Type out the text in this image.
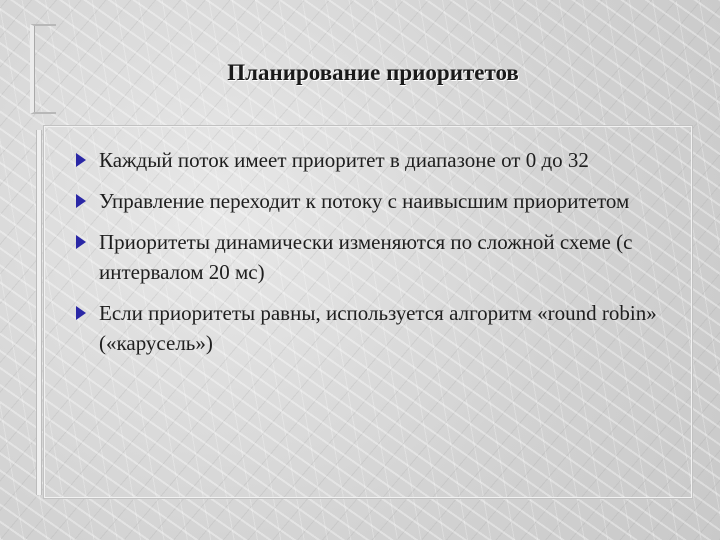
Планирование приоритетов
Каждый поток имеет приоритет в диапазоне от 0 до 32
Управление переходит к потоку с наивысшим приоритетом
Приоритеты динамически изменяются по сложной схеме (с интервалом 20 мс)
Если приоритеты равны, используется алгоритм «round robin» («карусель»)
